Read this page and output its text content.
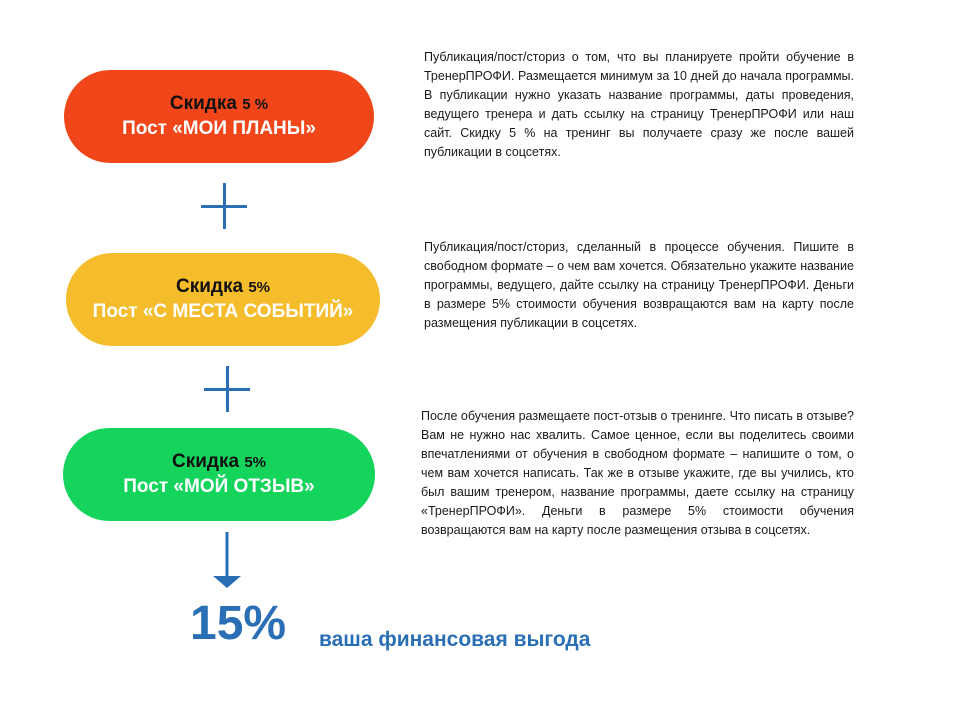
Скидка 5 %
Пост «МОИ ПЛАНЫ»

Публикация/пост/сториз о том, что вы планируете пройти обучение в ТренерПРОФИ. Размещается минимум за 10 дней до начала программы. В публикации нужно указать название программы, даты проведения, ведущего тренера и дать ссылку на страницу ТренерПРОФИ или наш сайт. Скидку 5 % на тренинг вы получаете сразу же после вашей публикации в соцсетях.

Скидка 5%
Пост «С МЕСТА СОБЫТИЙ»

Публикация/пост/сториз, сделанный в процессе обучения. Пишите в свободном формате – о чем вам хочется. Обязательно укажите название программы, ведущего, дайте ссылку на страницу ТренерПРОФИ. Деньги в размере 5% стоимости обучения возвращаются вам на карту после размещения публикации в соцсетях.

Скидка 5%
Пост «МОЙ ОТЗЫВ»

После обучения размещаете пост-отзыв о тренинге. Что писать в отзыве? Вам не нужно нас хвалить. Самое ценное, если вы поделитесь своими впечатлениями от обучения в свободном формате – напишите о том, о чем вам хочется написать. Так же в отзыве укажите, где вы учились, кто был вашим тренером, название программы, даете ссылку на страницу «ТренерПРОФИ». Деньги в размере 5% стоимости обучения возвращаются вам на карту после размещения отзыва в соцсетях.

15% ваша финансовая выгода
